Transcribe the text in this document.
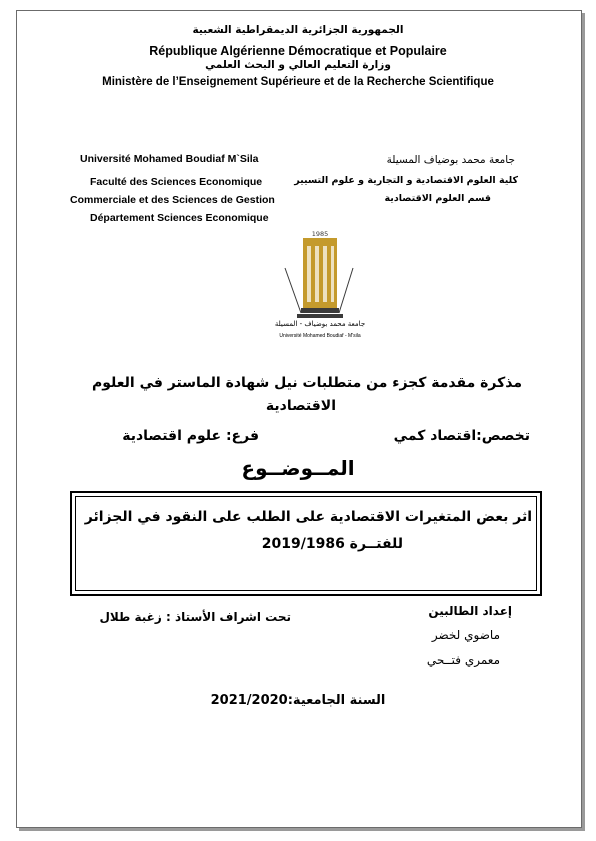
الجمهورية الجزائرية الديمقراطية الشعبية
République Algérienne Démocratique et Populaire
وزارة التعليم العالي و البحث العلمي
Ministère de l’Enseignement Supérieure et de la Recherche Scientifique
Université Mohamed Boudiaf M`Sila
Faculté des Sciences Economique
Commerciale et des Sciences de Gestion
Département Sciences Economique
جامعة محمد بوضياف المسيلة
كلية العلوم الاقتصادية و التجارية و علوم التسيير
قسم العلوم الاقتصادية
1985
جامعة محمد بوضياف - المسيلة
Université Mohamed Boudiaf - M'sila
مذكرة مقدمة كجزء من متطلبات نيل شهادة الماستر في العلوم
الاقتصادية
تخصص:اقتصاد كمي
فرع: علوم اقتصادية
المــوضــوع
اثر بعض المتغيرات الاقتصادية على الطلب على النقود في الجزائر
للفتــرة 2019/1986
إعداد الطالبين
ماضوي لخضر
معمري فتــحي
تحت اشراف الأستاذ : زغبة طلال
السنة الجامعية:2021/2020
